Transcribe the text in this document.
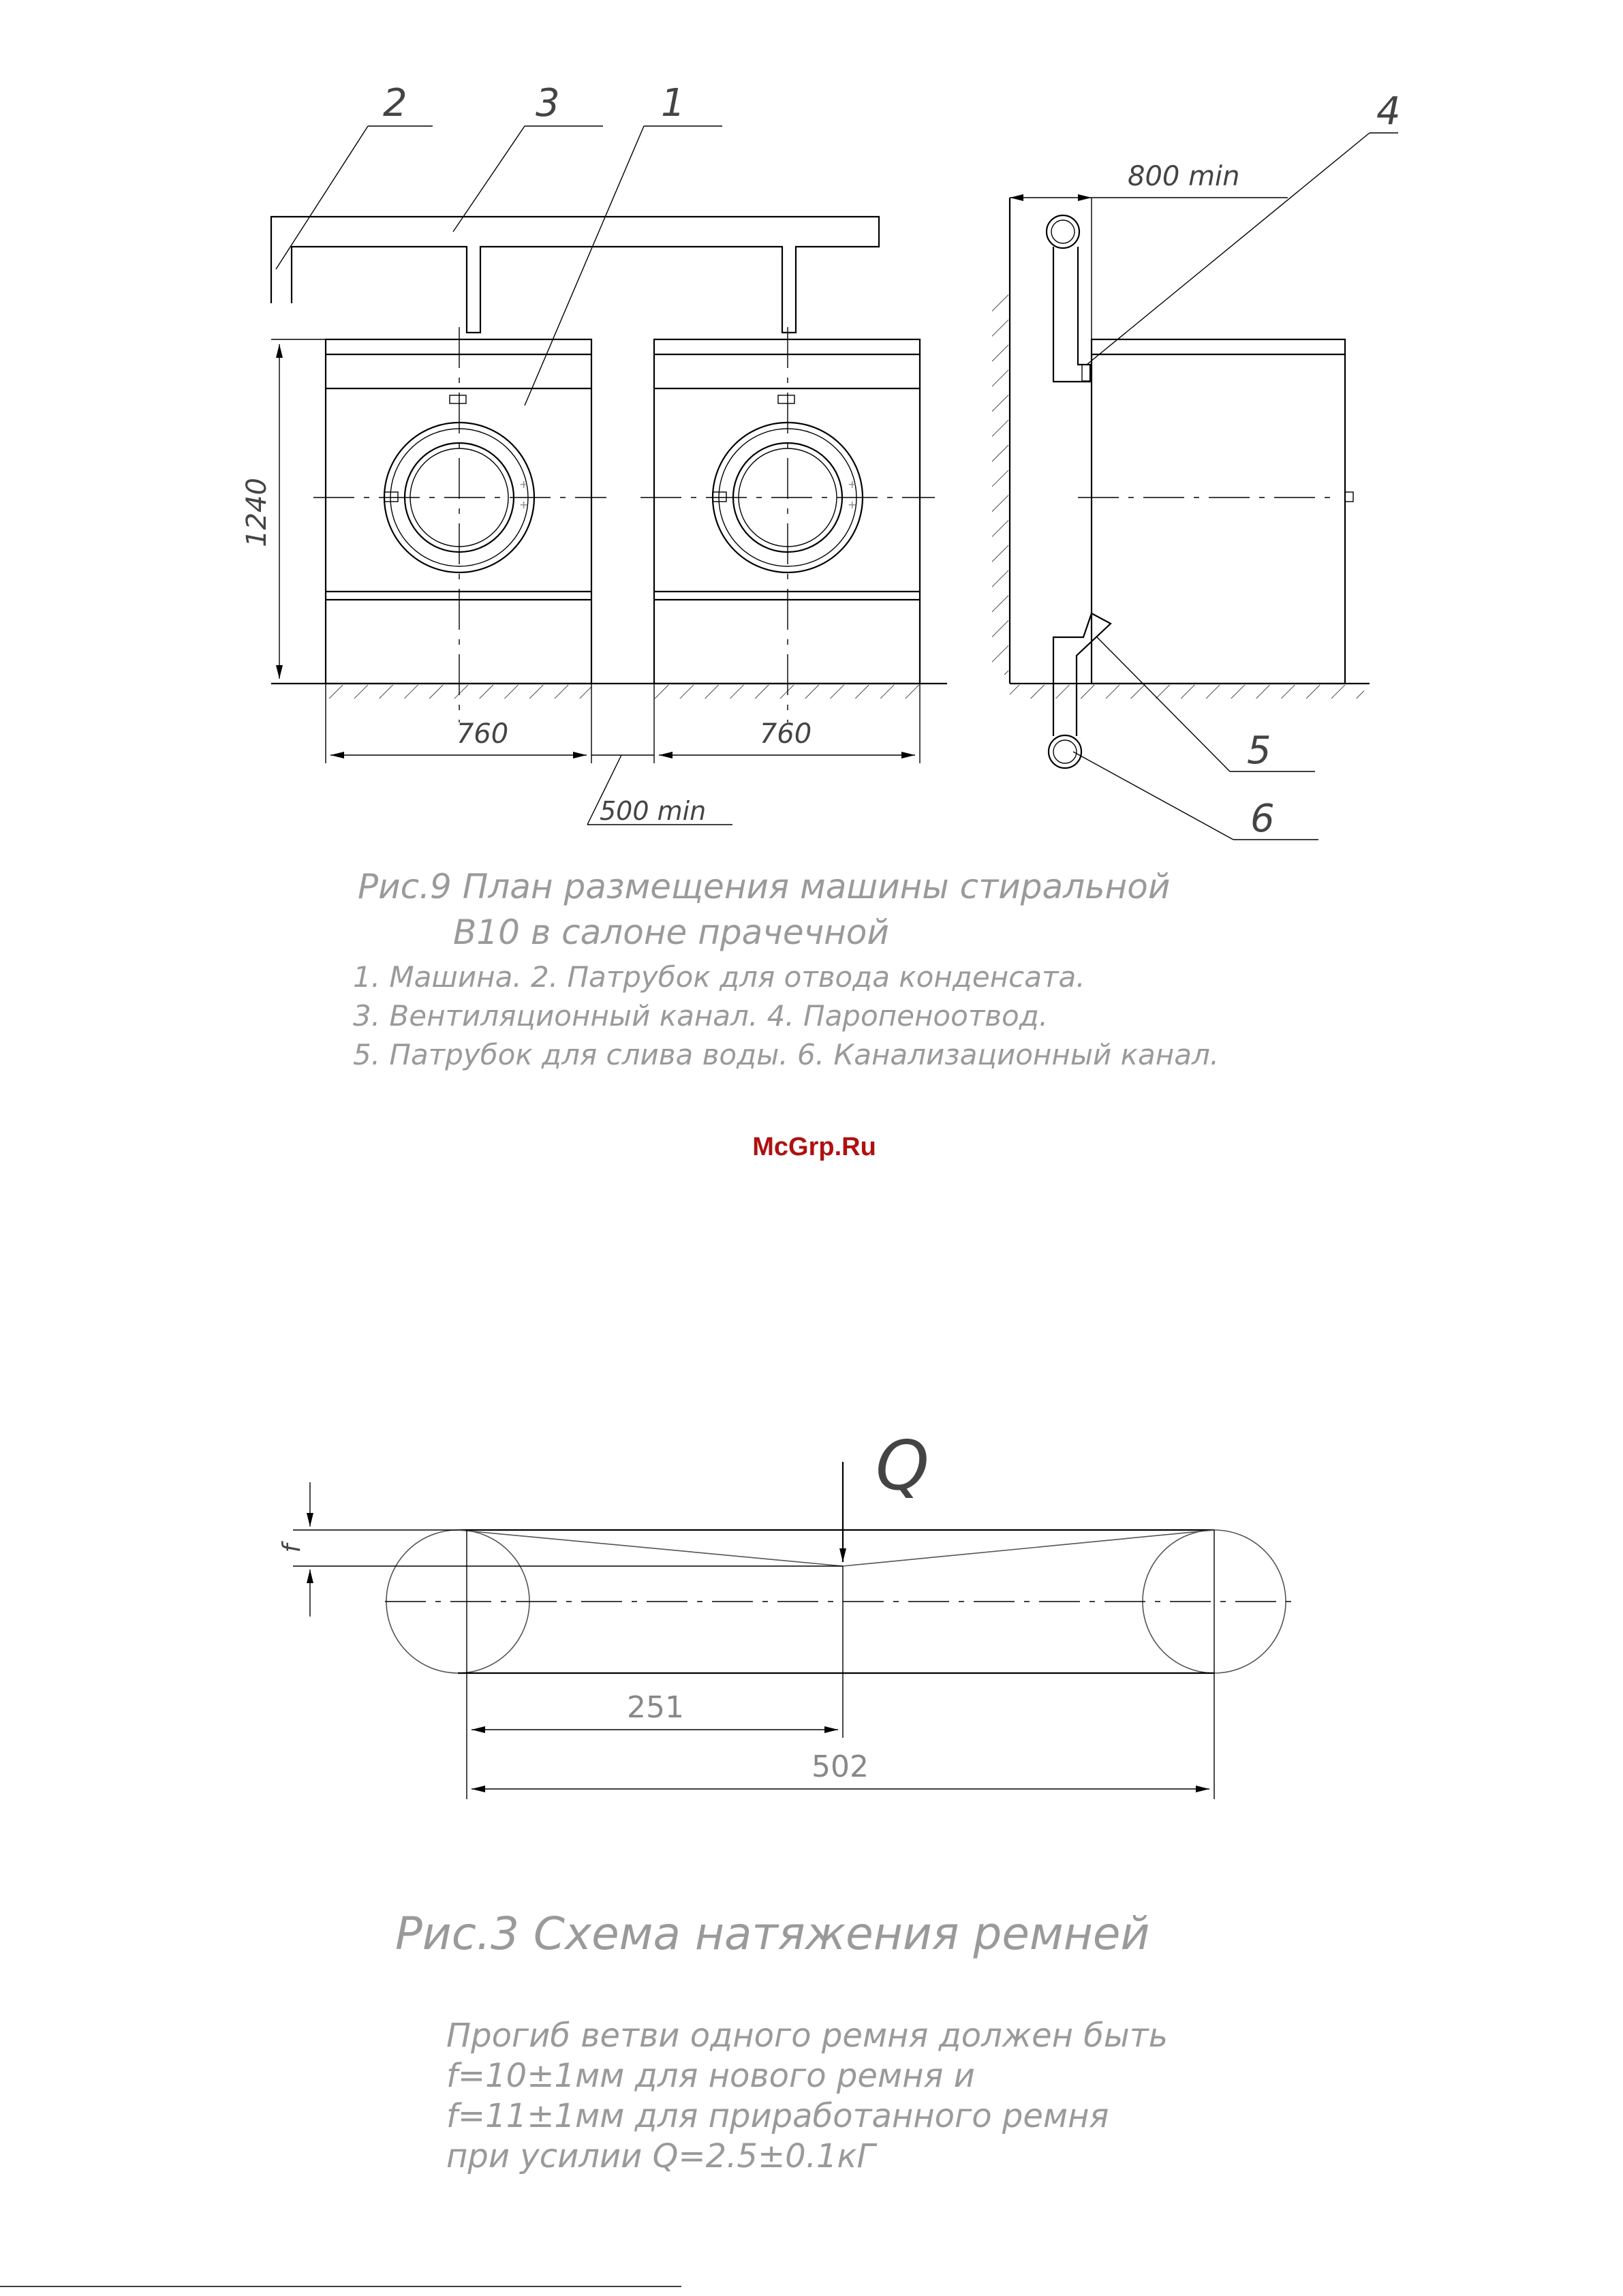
+
+
+
+
1240
760	760
500 min
800 min
2	3	1	4
5
6
Рис.9 План размещения машины стиральной
В10 в салоне прачечной
1. Машина. 2. Патрубок для отвода конденсата.
3. Вентиляционный канал. 4. Паропеноотвод.
5. Патрубок для слива воды. 6. Канализационный канал.
McGrp.Ru
f
Q
251
502
Рис.3 Схема натяжения ремней
Прогиб ветви одного ремня должен быть
f=10±1мм для нового ремня и
f=11±1мм для приработанного ремня
при усилии Q=2.5±0.1кГ
